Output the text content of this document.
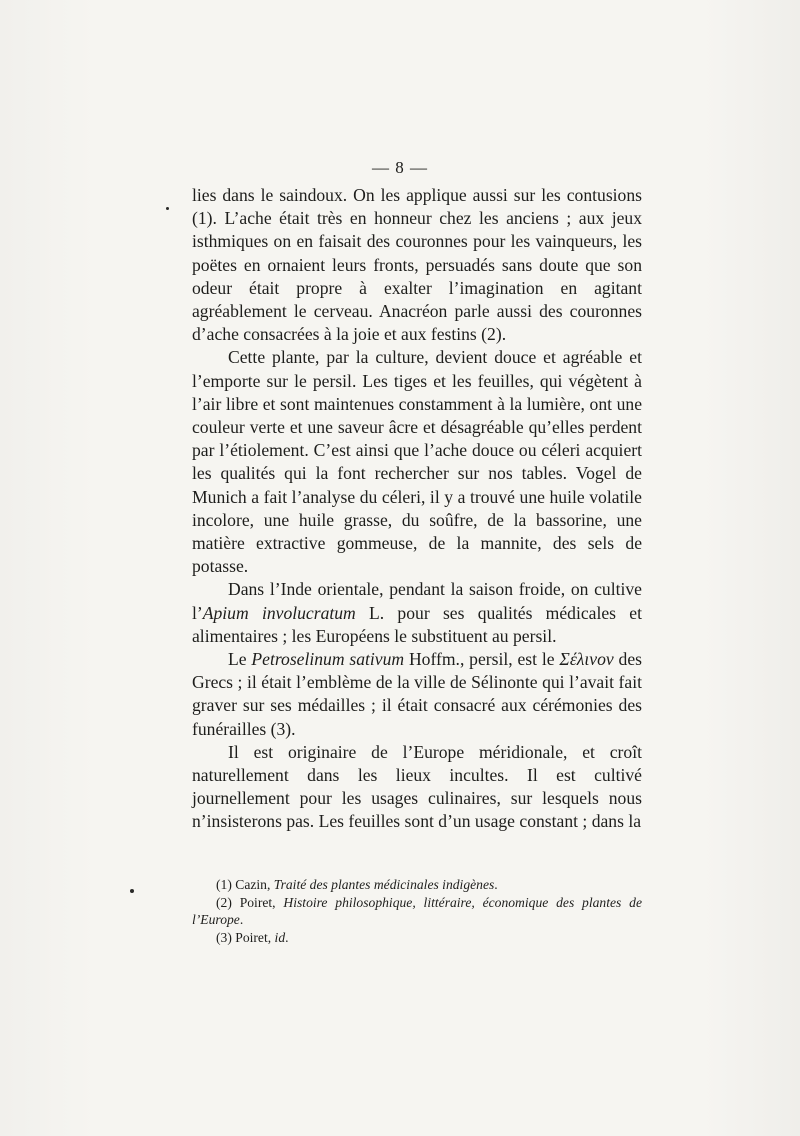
— 8 —

lies dans le saindoux. On les applique aussi sur les contusions (1). L’ache était très en honneur chez les anciens ; aux jeux isthmiques on en faisait des couronnes pour les vainqueurs, les poëtes en ornaient leurs fronts, persuadés sans doute que son odeur était propre à exalter l’imagination en agitant agréablement le cerveau. Anacréon parle aussi des couronnes d’ache consacrées à la joie et aux festins (2).

Cette plante, par la culture, devient douce et agréable et l’emporte sur le persil. Les tiges et les feuilles, qui végètent à l’air libre et sont maintenues constamment à la lumière, ont une couleur verte et une saveur âcre et désagréable qu’elles perdent par l’étiolement. C’est ainsi que l’ache douce ou céleri acquiert les qualités qui la font rechercher sur nos tables. Vogel de Munich a fait l’analyse du céleri, il y a trouvé une huile volatile incolore, une huile grasse, du soûfre, de la bassorine, une matière extractive gommeuse, de la mannite, des sels de potasse.

Dans l’Inde orientale, pendant la saison froide, on cultive l’Apium involucratum L. pour ses qualités médicales et alimentaires ; les Européens le substituent au persil.

Le Petroselinum sativum Hoffm., persil, est le Σέλινον des Grecs ; il était l’emblème de la ville de Sélinonte qui l’avait fait graver sur ses médailles ; il était consacré aux cérémonies des funérailles (3).

Il est originaire de l’Europe méridionale, et croît naturellement dans les lieux incultes. Il est cultivé journellement pour les usages culinaires, sur lesquels nous n’insisterons pas. Les feuilles sont d’un usage constant ; dans la

(1) Cazin, Traité des plantes médicinales indigènes.

(2) Poiret, Histoire philosophique, littéraire, économique des plantes de l’Europe.

(3) Poiret, id.
